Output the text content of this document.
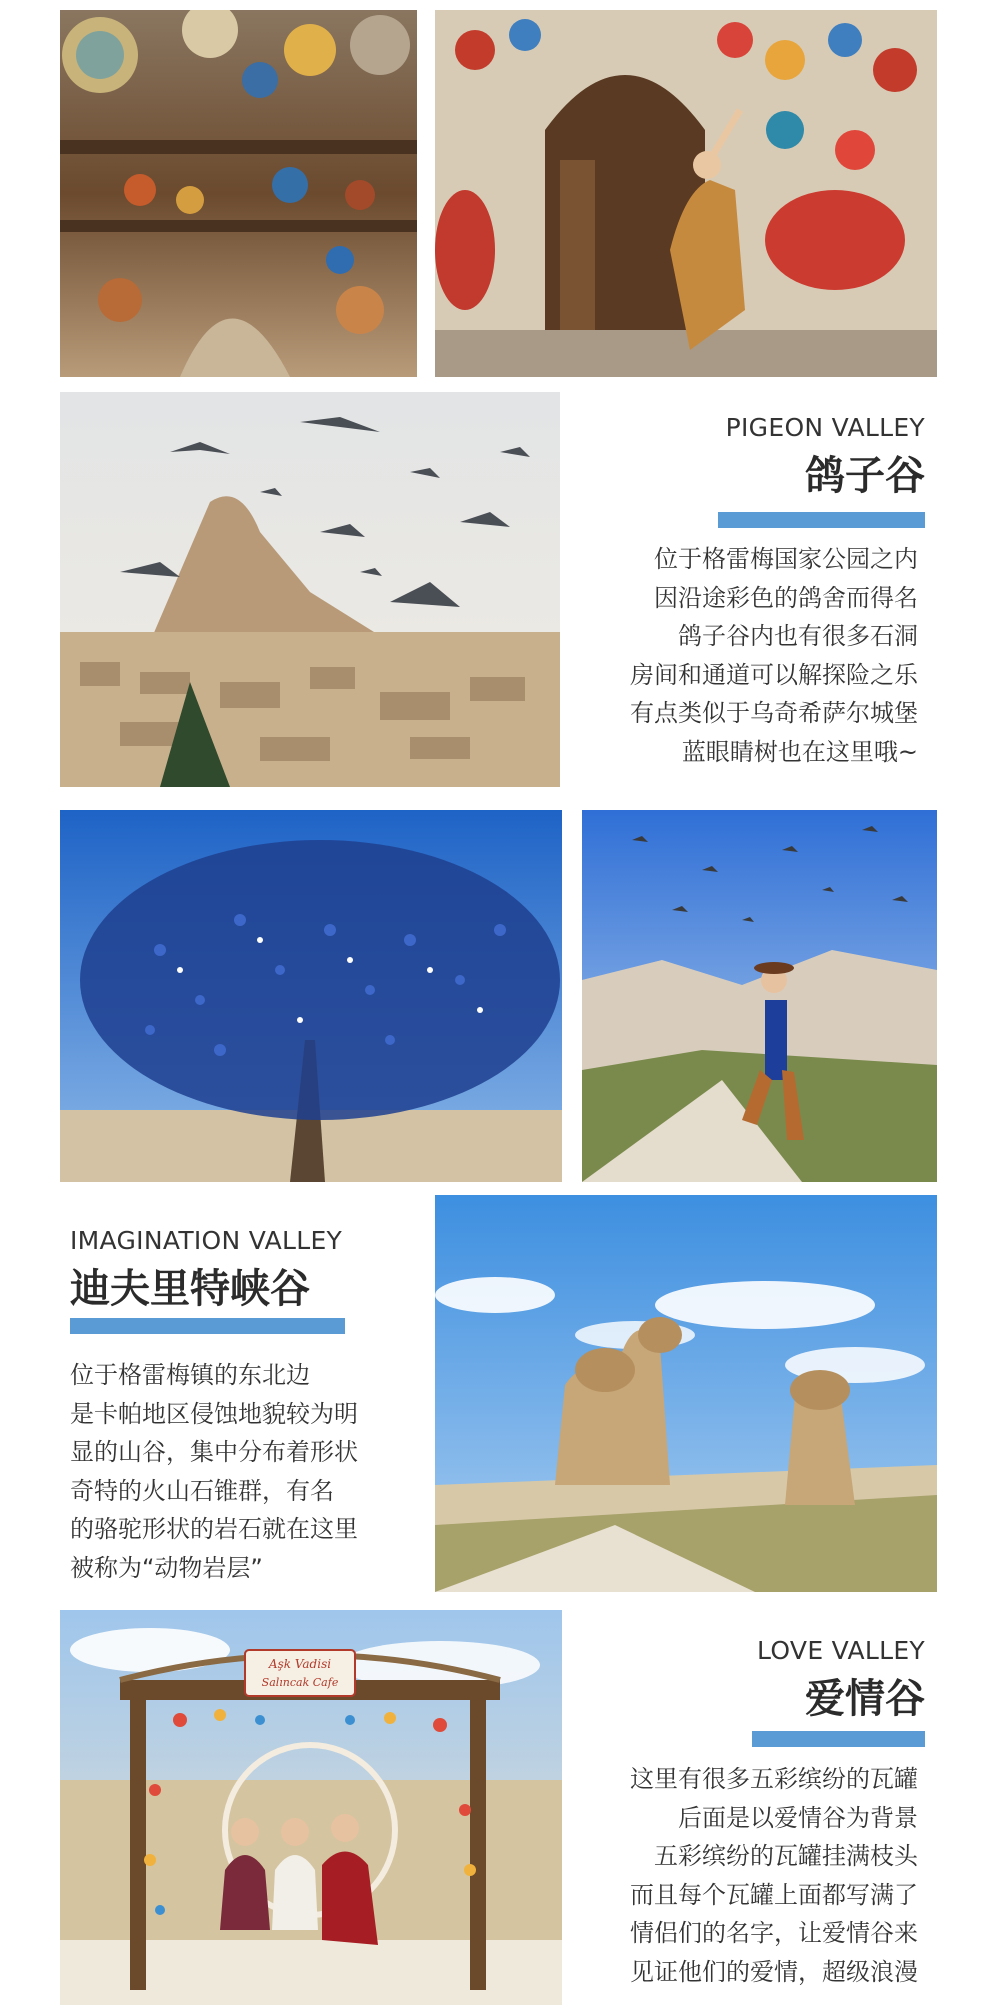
PIGEON VALLEY
鸽子谷
位于格雷梅国家公园之内
因沿途彩色的鸽舍而得名
鸽子谷内也有很多石洞
房间和通道可以解探险之乐
有点类似于乌奇希萨尔城堡
蓝眼睛树也在这里哦~
IMAGINATION VALLEY
迪夫里特峡谷
位于格雷梅镇的东北边
是卡帕地区侵蚀地貌较为明
显的山谷，集中分布着形状
奇特的火山石锥群，有名
的骆驼形状的岩石就在这里
被称为“动物岩层”
Aşk Vadisi
Salıncak Cafe
LOVE VALLEY
爱情谷
这里有很多五彩缤纷的瓦罐
后面是以爱情谷为背景
五彩缤纷的瓦罐挂满枝头
而且每个瓦罐上面都写满了
情侣们的名字，让爱情谷来
见证他们的爱情，超级浪漫
